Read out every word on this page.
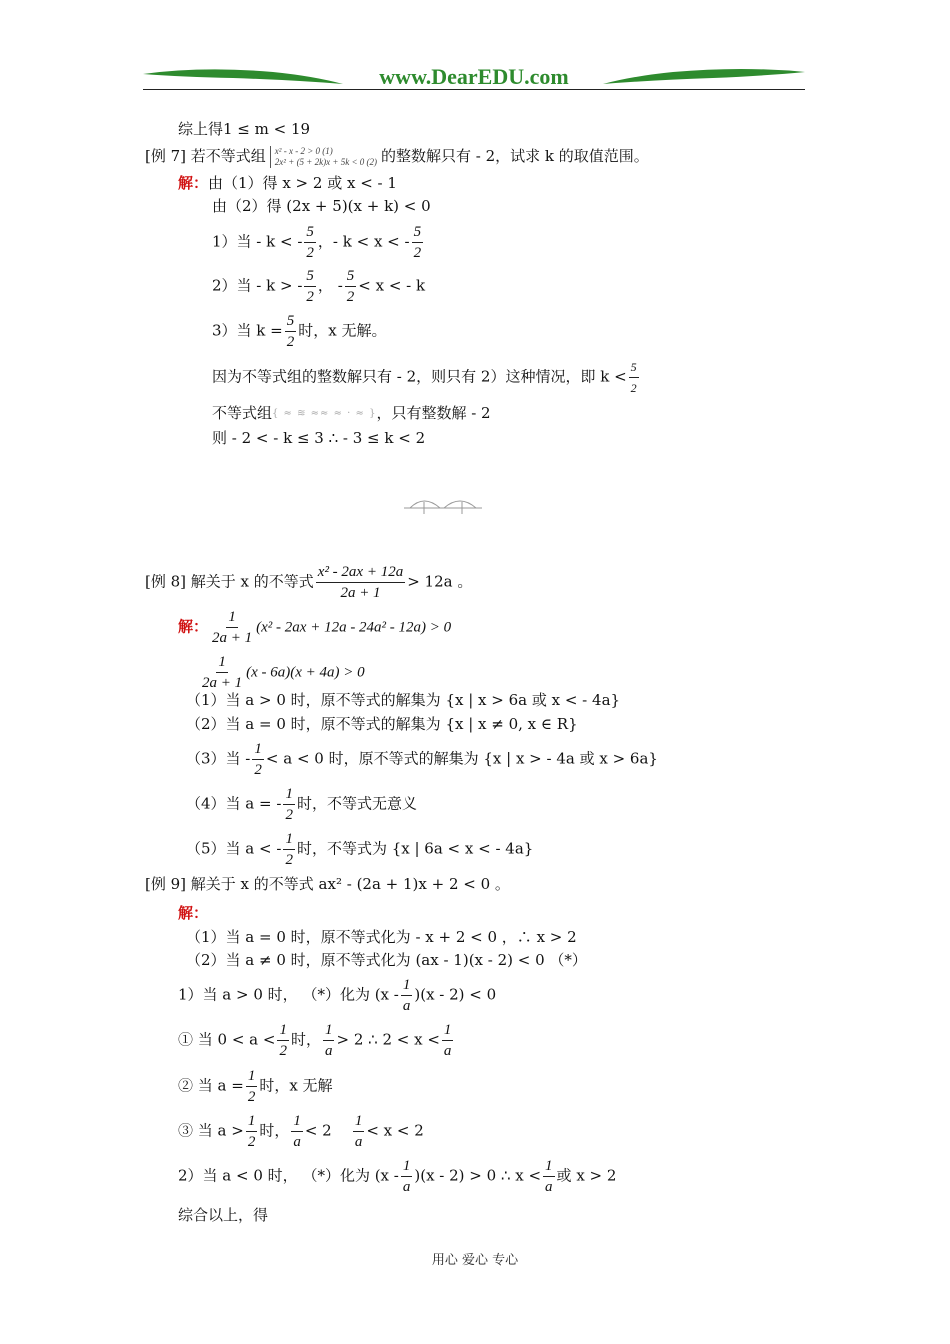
www.DearEDU.com
综上得1 ≤ m < 19
[例 7] 若不等式组 x² - x - 2 > 0 (1)
2x² + (5 + 2k)x + 5k < 0 (2) 的整数解只有 - 2，试求 k 的取值范围。
解：由（1）得 x > 2 或 x < - 1
由（2）得 (2x + 5)(x + k) < 0
1）当 - k < - $\frac{5}{2}$ ，- k < x < - $\frac{5}{2}$
2）当 - k > - $\frac{5}{2}$ ， - $\frac{5}{2} < x$ < - k
3）当 $k = \frac{5}{2}$ 时，x 无解。
因为不等式组的整数解只有 - 2，则只有 2）这种情况，即 $k < \frac{5}{2}$
不等式组{ ≈ ≋ ≈≈ ≈ · ≈ }，只有整数解 - 2
则 - 2 < - k ≤ 3 ∴ - 3 ≤ k < 2
[例 8] 解关于 x 的不等式 $\frac{\text{x² - 2ax + 12a}}{2a + 1} > 12a$ 。
解： $\frac{1}{2a + 1} (x^2 - 2ax + 12a - 24a^2 - 12a) > 0$
$\frac{1}{2a + 1} (x - 6a)(x + 4a) > 0$
（1）当 a > 0 时，原不等式的解集为 {x | x > 6a 或 x < - 4a}
（2）当 a = 0 时，原不等式的解集为 {x | x ≠ 0, x ∈ R}
（3）当 - $\frac{1}{2} < a < 0$ 时，原不等式的解集为 {x | x > - 4a 或 x > 6a}
（4）当 a = - $\frac{1}{2}$ 时，不等式无意义
（5）当 a < - $\frac{1}{2}$ 时，不等式为 {x | 6a < x < - 4a}
[例 9] 解关于 x 的不等式 ax² - (2a + 1)x + 2 < 0 。
解：
（1）当 a = 0 时，原不等式化为 - x + 2 < 0 ，∴ x > 2
（2）当 a ≠ 0 时，原不等式化为 (ax - 1)(x - 2) < 0 （*）
1）当 a > 0 时， （*）化为 $(x - \frac{1}{a} )(x - 2) < 0$
① 当 $0 < a < \frac{1}{2}$ 时， $\frac{1}{a} > 2$ ∴ $2 < x < \frac{1}{a}$
② 当 $a = \frac{1}{2}$ 时，x 无解
③ 当 $a > \frac{1}{2}$ 时， $\frac{1}{a} < 2 \frac{1}{a} < x < 2$
2）当 a < 0 时， （*）化为 $(x - \frac{1}{a} )(x - 2) > 0$ ∴ $x < \frac{1}{a}$ 或 x > 2
综合以上，得
用心 爱心 专心
